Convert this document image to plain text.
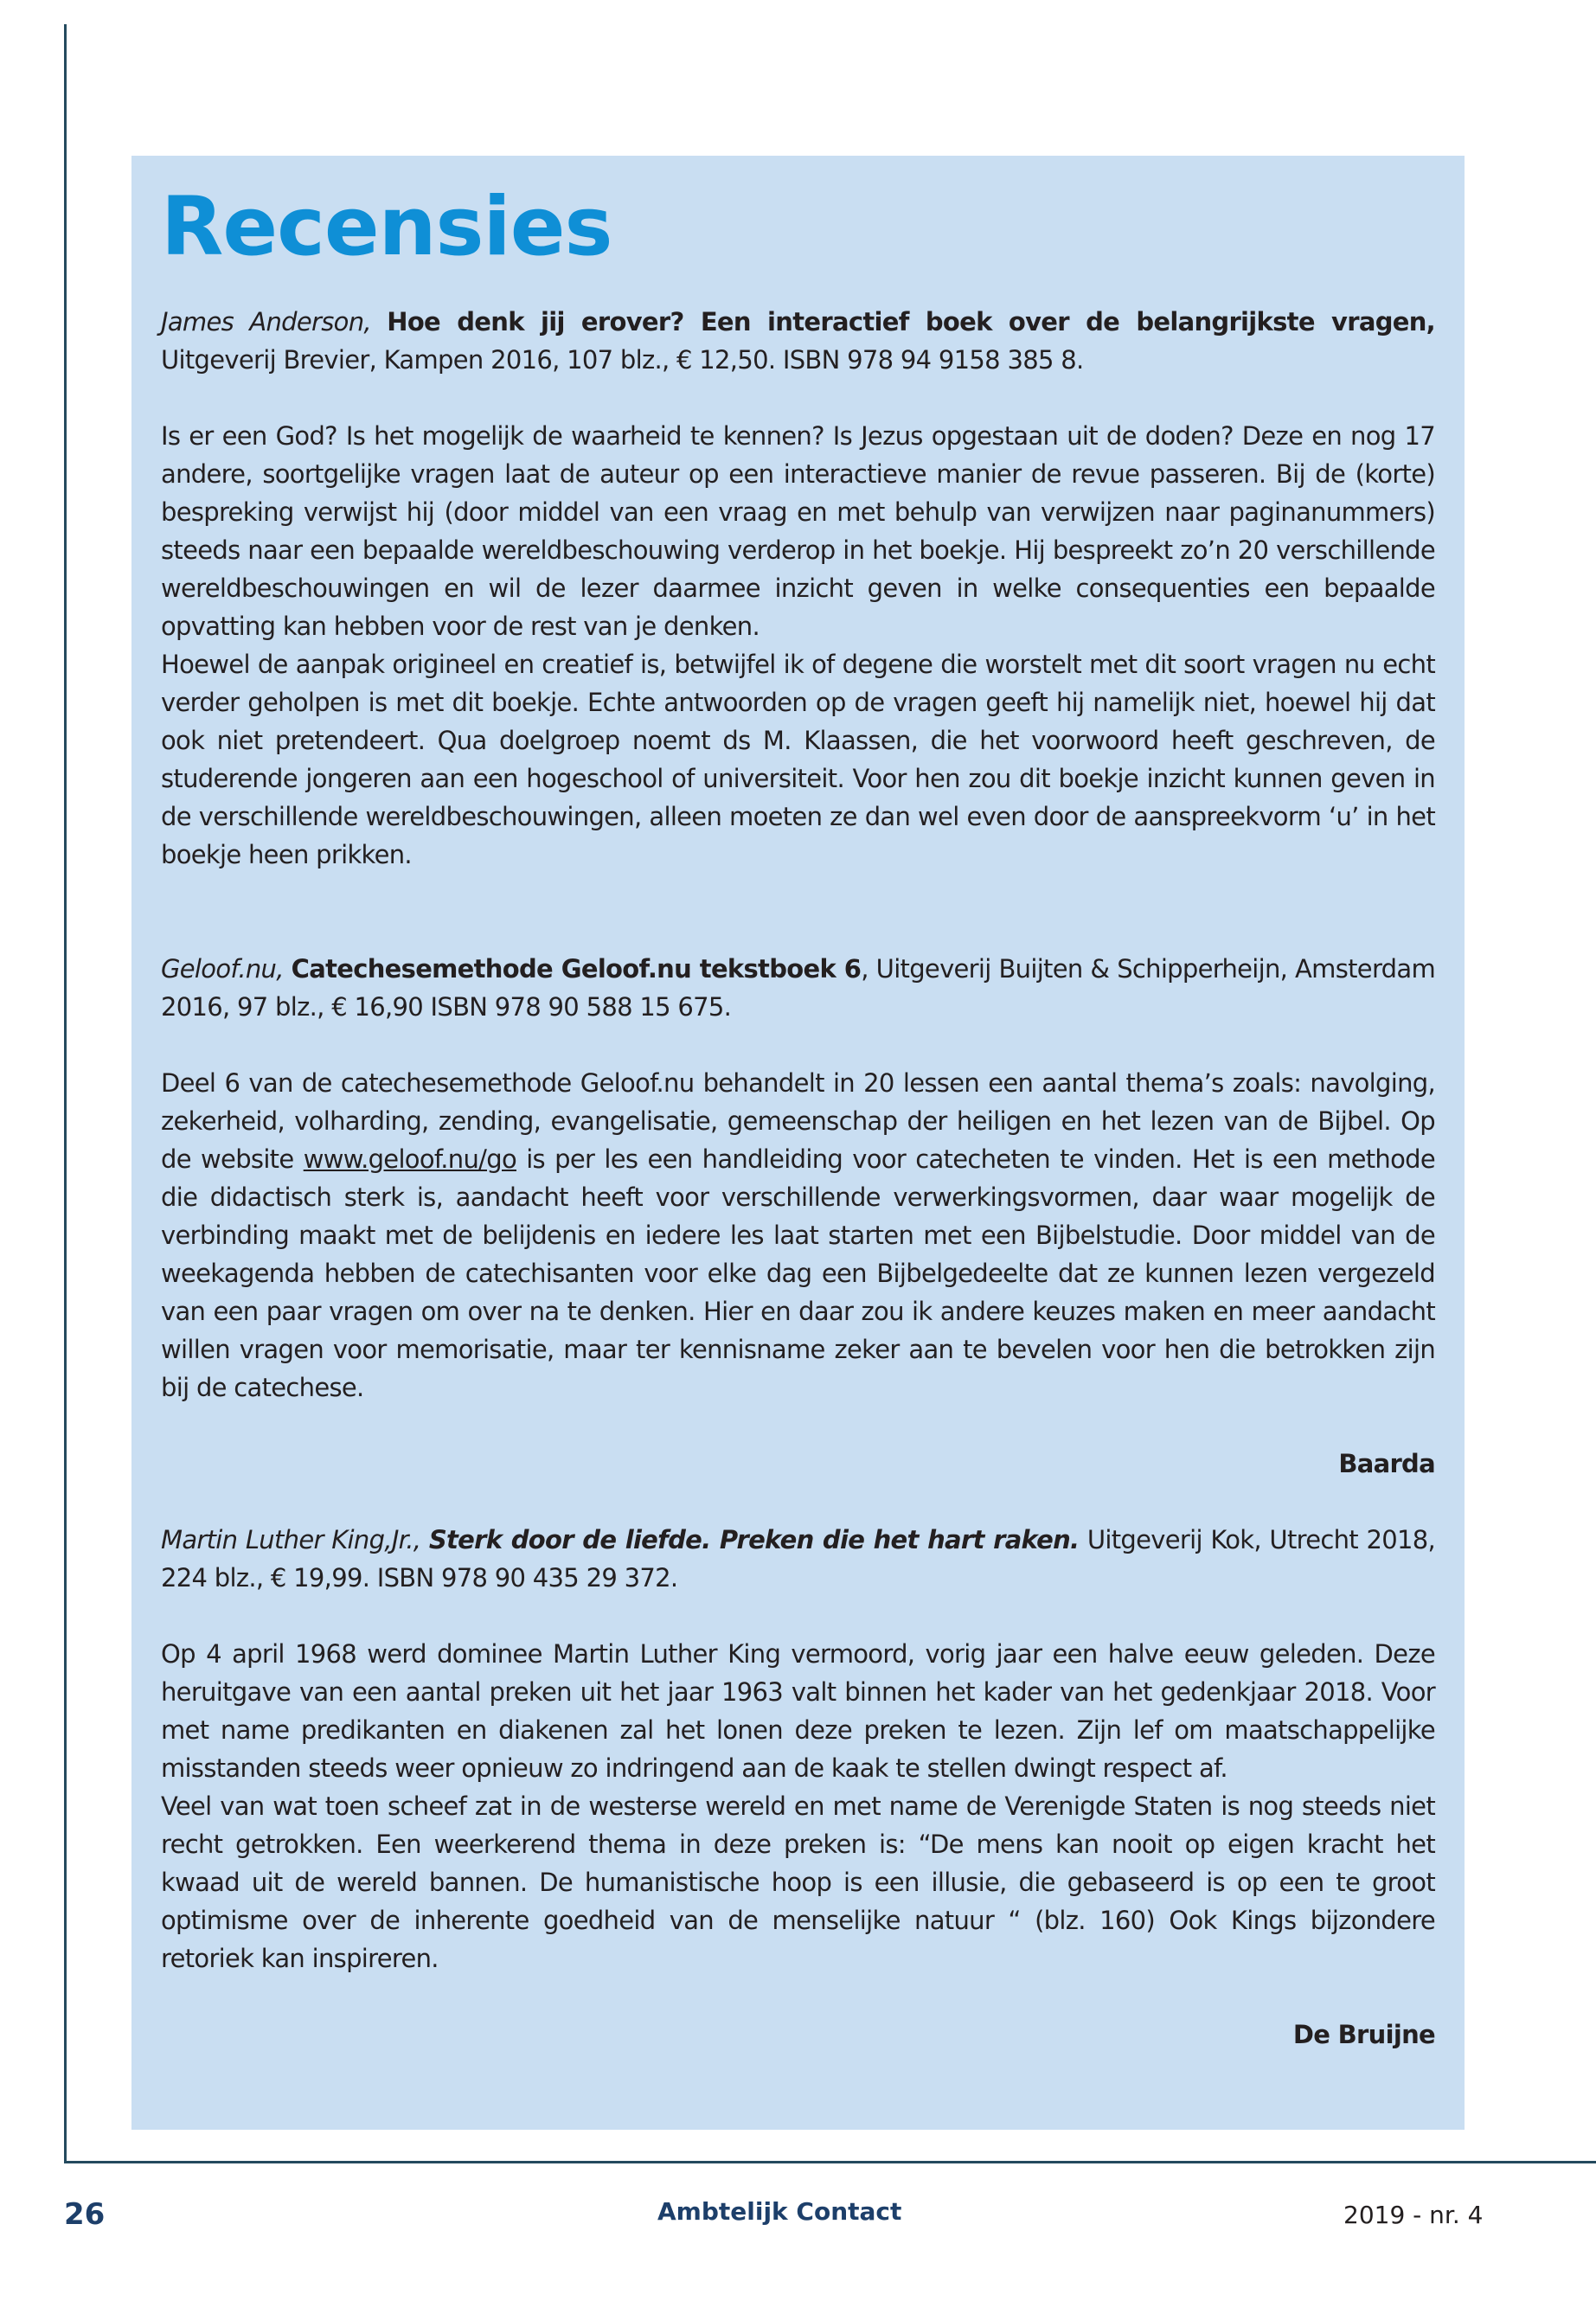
Recensies

James Anderson, Hoe denk jij erover? Een interactief boek over de belangrijkste vragen, Uitgeverij Brevier, Kampen 2016, 107 blz., € 12,50. ISBN 978 94 9158 385 8.

Is er een God? Is het mogelijk de waarheid te kennen? Is Jezus opgestaan uit de doden? Deze en nog 17 andere, soortgelijke vragen laat de auteur op een interactieve manier de revue passeren. Bij de (korte) bespreking verwijst hij (door middel van een vraag en met behulp van verwijzen naar paginanummers) steeds naar een bepaalde wereldbeschouwing verderop in het boekje. Hij bespreekt zo’n 20 verschillende wereldbeschouwingen en wil de lezer daarmee inzicht geven in welke consequenties een bepaalde opvatting kan hebben voor de rest van je denken.

Hoewel de aanpak origineel en creatief is, betwijfel ik of degene die worstelt met dit soort vragen nu echt verder geholpen is met dit boekje. Echte antwoorden op de vragen geeft hij namelijk niet, hoewel hij dat ook niet pretendeert. Qua doelgroep noemt ds M. Klaassen, die het voorwoord heeft geschreven, de studerende jongeren aan een hogeschool of universiteit. Voor hen zou dit boekje inzicht kunnen geven in de verschillende wereldbeschouwingen, alleen moeten ze dan wel even door de aanspreekvorm ‘u’ in het boekje heen prikken.

Geloof.nu, Catechesemethode Geloof.nu tekstboek 6, Uitgeverij Buijten & Schipperheijn, Amsterdam 2016, 97 blz., € 16,90 ISBN 978 90 588 15 675.

Deel 6 van de catechesemethode Geloof.nu behandelt in 20 lessen een aantal thema’s zoals: navolging, zekerheid, volharding, zending, evangelisatie, gemeenschap der heiligen en het lezen van de Bijbel. Op de website www.geloof.nu/go is per les een handleiding voor catecheten te vinden. Het is een methode die didactisch sterk is, aandacht heeft voor verschillende verwerkingsvormen, daar waar mogelijk de verbinding maakt met de belijdenis en iedere les laat starten met een Bijbelstudie. Door middel van de weekagenda hebben de catechisanten voor elke dag een Bijbelgedeelte dat ze kunnen lezen vergezeld van een paar vragen om over na te denken. Hier en daar zou ik andere keuzes maken en meer aandacht willen vragen voor memorisatie, maar ter kennisname zeker aan te bevelen voor hen die betrokken zijn bij de catechese.

Baarda

Martin Luther King,Jr., Sterk door de liefde. Preken die het hart raken. Uitgeverij Kok, Utrecht 2018, 224 blz., € 19,99. ISBN 978 90 435 29 372.

Op 4 april 1968 werd dominee Martin Luther King vermoord, vorig jaar een halve eeuw geleden. Deze heruitgave van een aantal preken uit het jaar 1963 valt binnen het kader van het gedenkjaar 2018. Voor met name predikanten en diakenen zal het lonen deze preken te lezen. Zijn lef om maatschappelijke misstanden steeds weer opnieuw zo indringend aan de kaak te stellen dwingt respect af.

Veel van wat toen scheef zat in de westerse wereld en met name de Verenigde Staten is nog steeds niet recht getrokken. Een weerkerend thema in deze preken is: “De mens kan nooit op eigen kracht het kwaad uit de wereld bannen. De humanistische hoop is een illusie, die gebaseerd is op een te groot optimisme over de inherente goedheid van de menselijke natuur “ (blz. 160) Ook Kings bijzondere retoriek kan inspireren.

De Bruijne

26	Ambtelijk Contact	2019 - nr. 4
